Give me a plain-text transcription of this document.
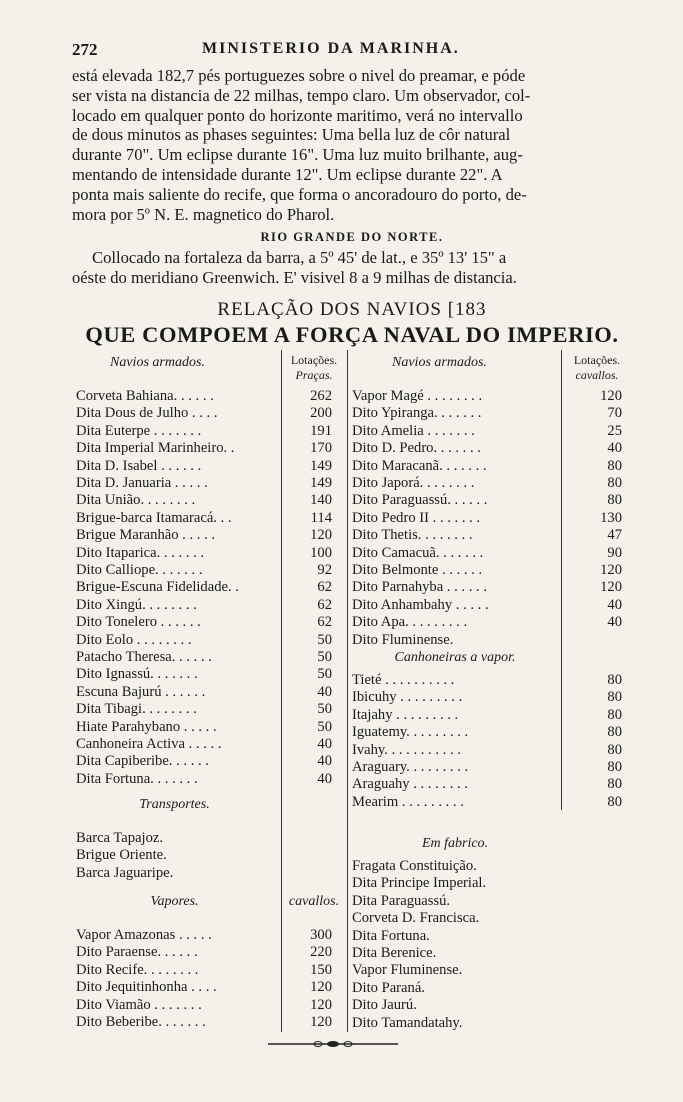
272	MINISTERIO DA MARINHA.
está elevada 182,7 pés portuguezes sobre o nivel do preamar, e póde
ser vista na distancia de 22 milhas, tempo claro. Um observador, col-
locado em qualquer ponto do horizonte maritimo, verá no intervallo
de dous minutos as phases seguintes: Uma bella luz de côr natural
durante 70". Um eclipse durante 16". Uma luz muito brilhante, aug-
mentando de intensidade durante 12". Um eclipse durante 22". A
ponta mais saliente do recife, que forma o ancoradouro do porto, de-
mora por 5º N. E. magnetico do Pharol.
RIO GRANDE DO NORTE.
Collocado na fortaleza da barra, a 5º 45' de lat., e 35º 13' 15" a
oéste do meridiano Greenwich. E' visivel 8 a 9 milhas de distancia.
RELAÇÃO DOS NAVIOS [183
QUE COMPOEM A FORÇA NAVAL DO IMPERIO.
Navios armados.	Lotações.
Praças.
Navios armados.	Lotações.
cavallos.
Corveta Bahiana. . . . . .	262
Dita Dous de Julho . . . .	200
Dita Euterpe . . . . . . .	191
Dita Imperial Marinheiro. .	170
Dita D. Isabel . . . . . .	149
Dita D. Januaria . . . . .	149
Dita União. . . . . . . .	140
Brigue-barca Itamaracá. . .	114
Brigue Maranhão . . . . .	120
Dito Itaparica. . . . . . .	100
Dito Calliope. . . . . . .	92
Brigue-Escuna Fidelidade. .	62
Dito Xingú. . . . . . . .	62
Dito Tonelero . . . . . .	62
Dito Eolo . . . . . . . .	50
Patacho Theresa. . . . . .	50
Dito Ignassú. . . . . . .	50
Escuna Bajurú . . . . . .	40
Dita Tibagi. . . . . . . .	50
Hiate Parahybano . . . . .	50
Canhoneira Activa . . . . .	40
Dita Capiberibe. . . . . .	40
Dita Fortuna. . . . . . .	40
Barca Tapajoz.
Brigue Oriente.
Barca Jaguaripe.
Vapor Amazonas . . . . .	300
Dito Paraense. . . . . .	220
Dito Recife. . . . . . . .	150
Dito Jequitinhonha . . . .	120
Dito Viamão . . . . . . .	120
Dito Beberibe. . . . . . .	120
Vapor Magé . . . . . . . .	120
Dito Ypiranga. . . . . . .	70
Dito Amelia . . . . . . .	25
Dito D. Pedro. . . . . . .	40
Dito Maracanã. . . . . . .	80
Dito Japorá. . . . . . . .	80
Dito Paraguassú. . . . . .	80
Dito Pedro II . . . . . . .	130
Dito Thetis. . . . . . . .	47
Dito Camacuã. . . . . . .	90
Dito Belmonte . . . . . .	120
Dito Parnahyba . . . . . .	120
Dito Anhambahy . . . . .	40
Dito Apa. . . . . . . . .	40
Dito Fluminense.
Tieté . . . . . . . . . .	80
Ibicuhy . . . . . . . . .	80
Itajahy . . . . . . . . .	80
Iguatemy. . . . . . . . .	80
Ivahy. . . . . . . . . . .	80
Araguary. . . . . . . . .	80
Araguahy . . . . . . . .	80
Mearim . . . . . . . . .	80
Fragata Constituição.
Dita Principe Imperial.
Dita Paraguassú.
Corveta D. Francisca.
Dita Fortuna.
Dita Berenice.
Vapor Fluminense.
Dito Paraná.
Dito Jaurú.
Dito Tamandatahy.
Transportes.
Canhoneiras a vapor.
Em fabrico.
Vapores.	cavallos.
